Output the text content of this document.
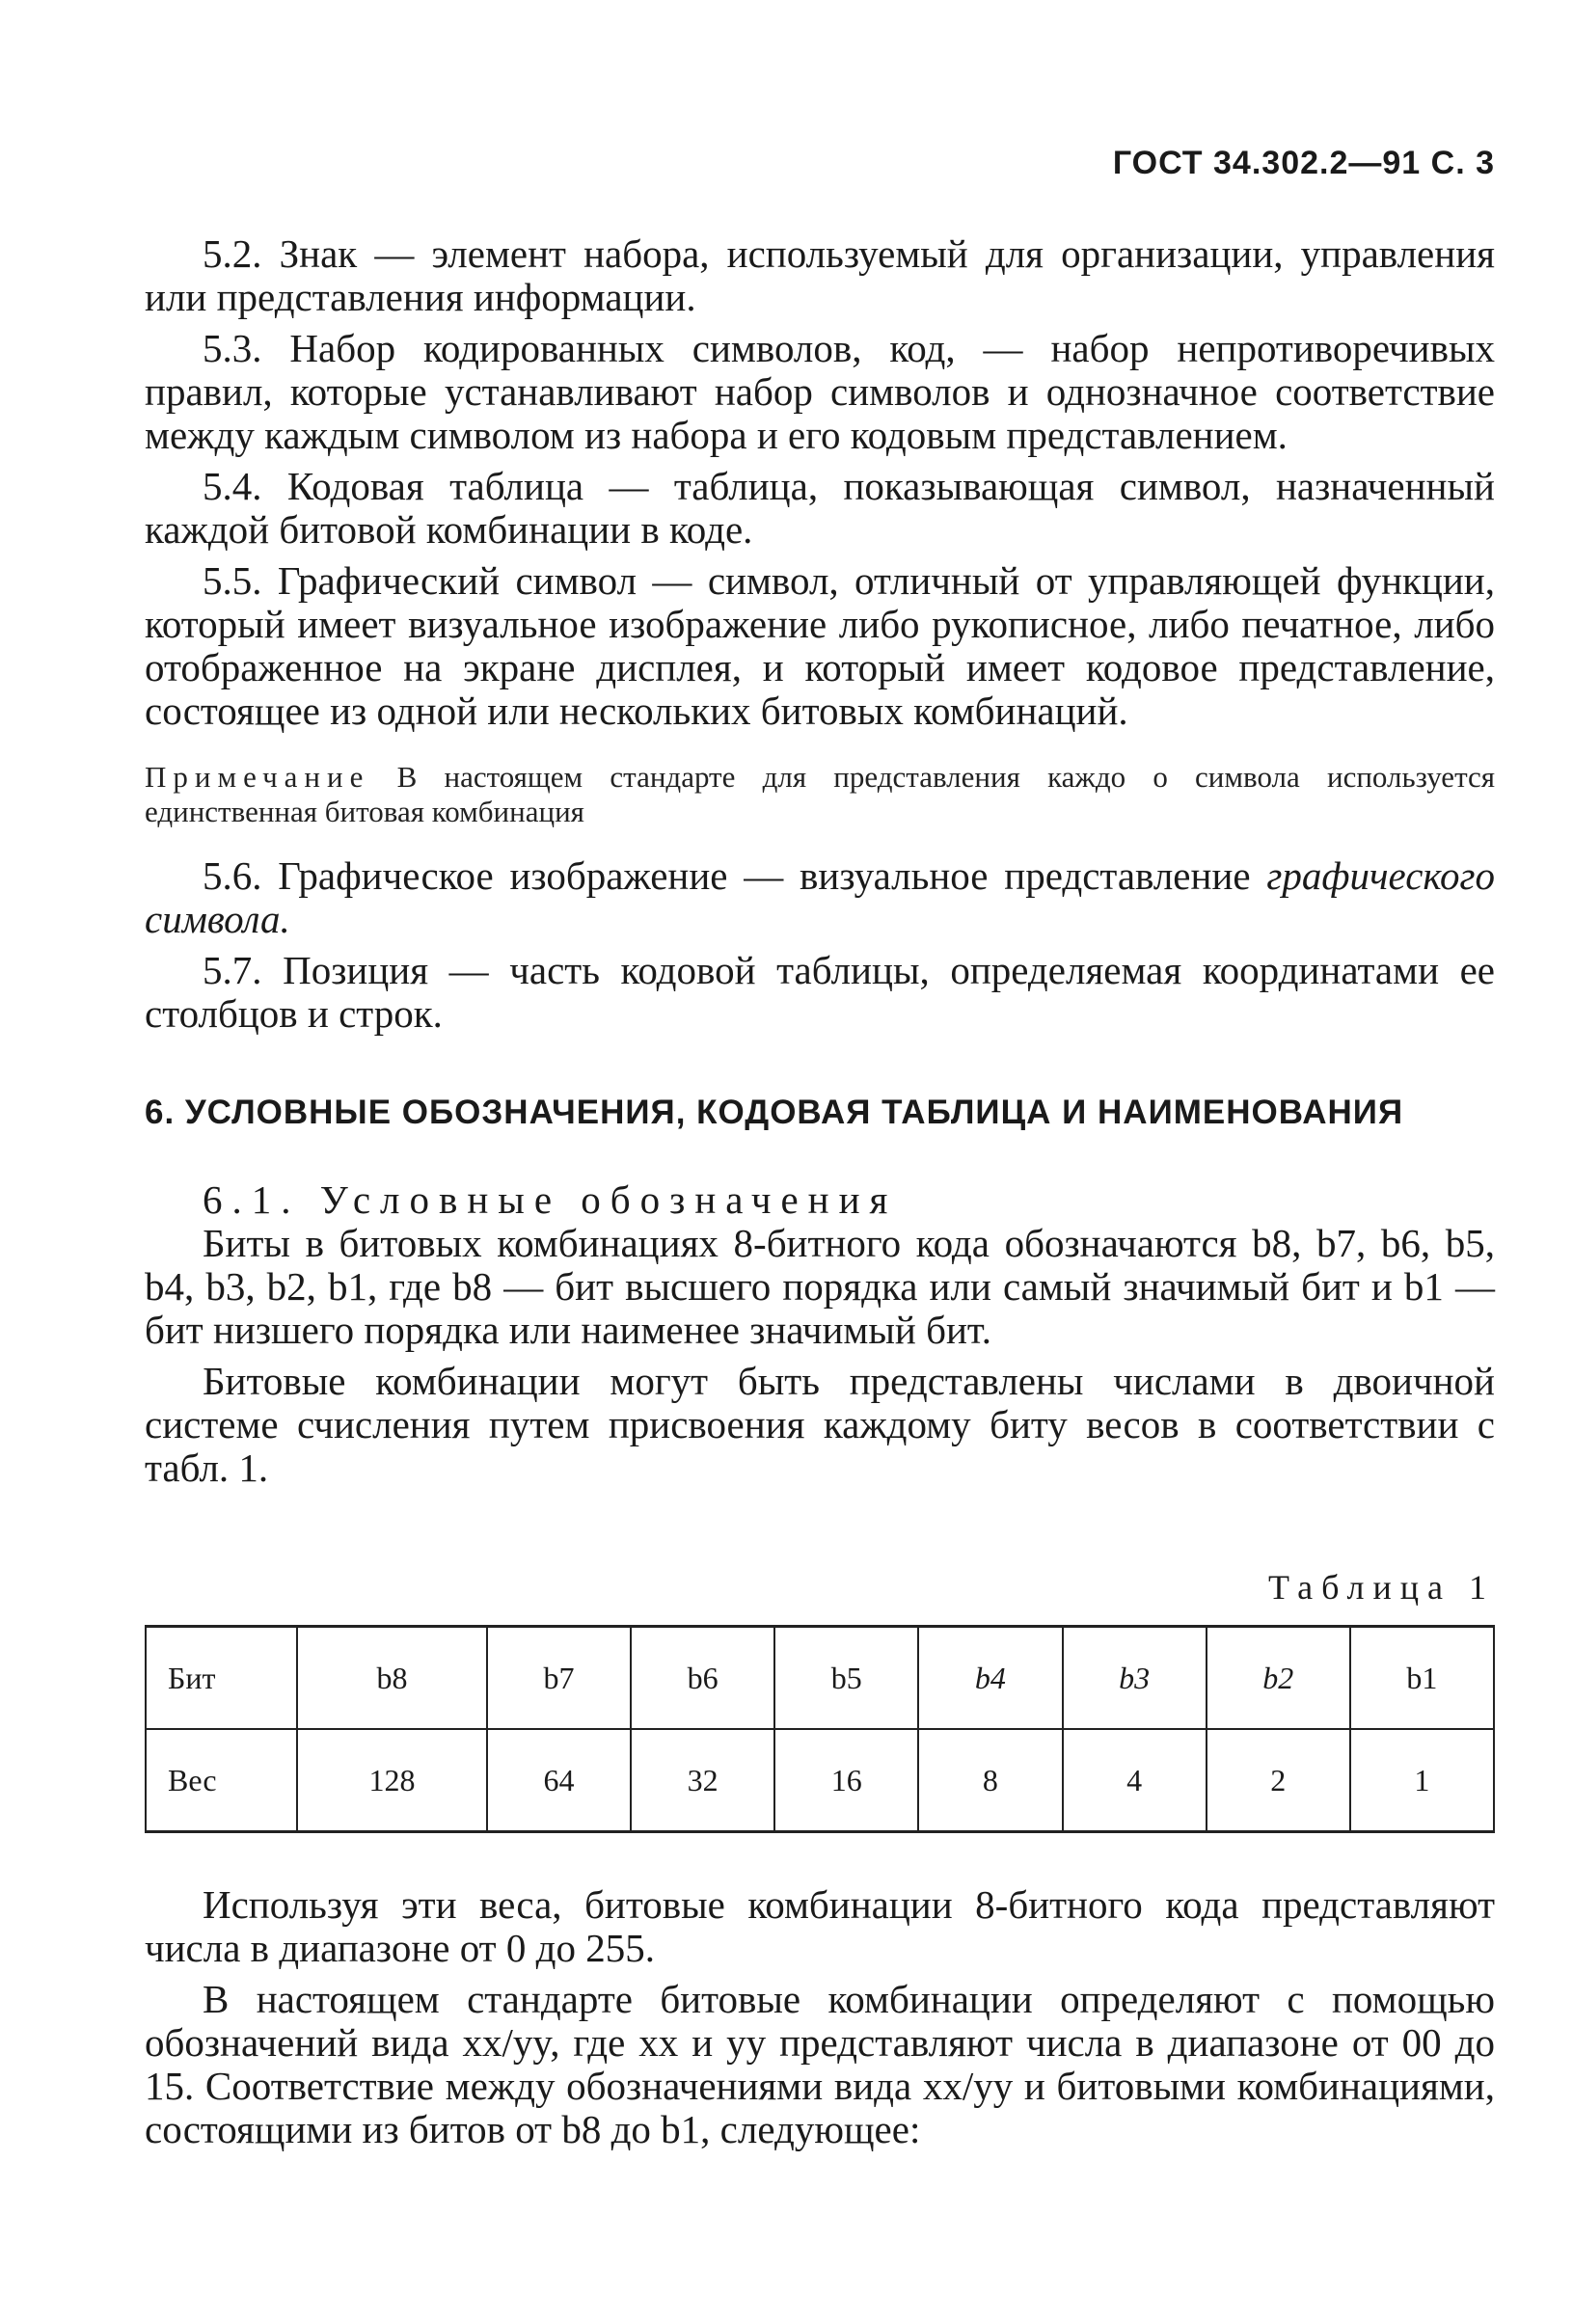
ГОСТ 34.302.2—91 С. 3

5.2. Знак — элемент набора, используемый для организации, управления или представления информации.

5.3. Набор кодированных символов, код, — набор непротиворечивых правил, которые устанавливают набор символов и однозначное соответствие между каждым символом из набора и его кодовым представлением.

5.4. Кодовая таблица — таблица, показывающая символ, назначенный каждой битовой комбинации в коде.

5.5. Графический символ — символ, отличный от управляющей функции, который имеет визуальное изображение либо рукописное, либо печатное, либо отображенное на экране дисплея, и который имеет кодовое представление, состоящее из одной или нескольких битовых комбинаций.

Примечание В настоящем стандарте для представления каждо о символа используется единственная битовая комбинация

5.6. Графическое изображение — визуальное представление графического символа.

5.7. Позиция — часть кодовой таблицы, определяемая координатами ее столбцов и строк.

6. УСЛОВНЫЕ ОБОЗНАЧЕНИЯ, КОДОВАЯ ТАБЛИЦА И НАИМЕНОВАНИЯ

6.1. Условные обозначения

Биты в битовых комбинациях 8-битного кода обозначаются b8, b7, b6, b5, b4, b3, b2, b1, где b8 — бит высшего порядка или самый значимый бит и b1 — бит низшего порядка или наименее значимый бит.

Битовые комбинации могут быть представлены числами в двоичной системе счисления путем присвоения каждому биту весов в соответствии с табл. 1.

Таблица 1
Бит	b8	b7	b6	b5	b4	b3	b2	b1
Вес	128	64	32	16	8	4	2	1

Используя эти веса, битовые комбинации 8-битного кода представляют числа в диапазоне от 0 до 255.

В настоящем стандарте битовые комбинации определяют с помощью обозначений вида xx/yy, где xx и yy представляют числа в диапазоне от 00 до 15. Соответствие между обозначениями вида xx/yy и битовыми комбинациями, состоящими из битов от b8 до b1, следующее:
